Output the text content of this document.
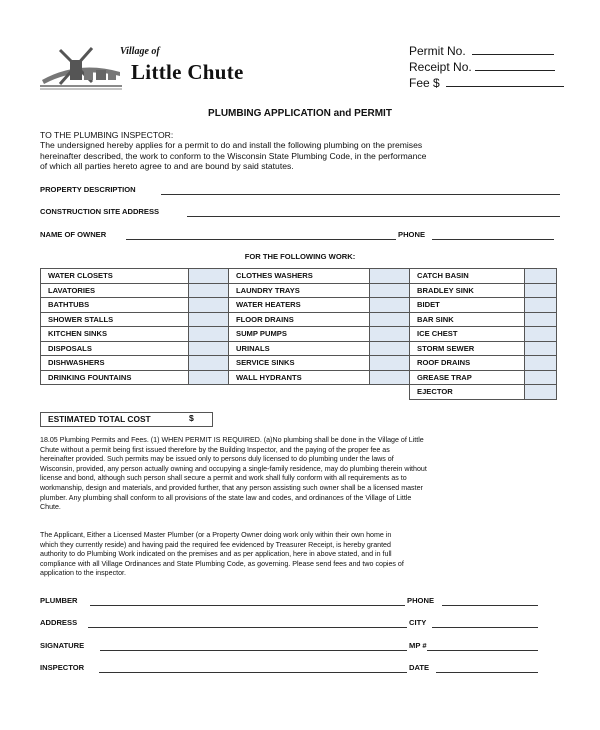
Village of
Little Chute
Permit No.
Receipt No.
Fee $
PLUMBING APPLICATION and PERMIT
TO THE PLUMBING INSPECTOR:
The undersigned hereby applies for a permit to do and install the following plumbing on the premises
hereinafter described, the work to conform to the Wisconsin State Plumbing Code, in the performance
of which all parties hereto agree to and are bound by said statutes.
PROPERTY DESCRIPTION
CONSTRUCTION SITE ADDRESS
NAME OF OWNER	PHONE
FOR THE FOLLOWING WORK:
WATER CLOSETS		CLOTHES WASHERS		CATCH BASIN	
LAVATORIES		LAUNDRY TRAYS		BRADLEY SINK	
BATHTUBS		WATER HEATERS		BIDET	
SHOWER STALLS		FLOOR DRAINS		BAR SINK	
KITCHEN SINKS		SUMP PUMPS		ICE CHEST	
DISPOSALS		URINALS		STORM SEWER	
DISHWASHERS		SERVICE SINKS		ROOF DRAINS	
DRINKING FOUNTAINS		WALL HYDRANTS		GREASE TRAP	
				EJECTOR	
ESTIMATED TOTAL COST	$
18.05 Plumbing Permits and Fees. (1) WHEN PERMIT IS REQUIRED. (a)No plumbing shall be done in the Village of Little
Chute without a permit being first issued therefore by the Building Inspector, and the paying of the proper fee as
hereinafter provided. Such permits may be issued only to persons duly licensed to do plumbing under the laws of
Wisconsin, provided, any person actually owning and occupying a single-family residence, may do plumbing therein without
license and bond, although such person shall secure a permit and work shall fully conform with all requirements as to
workmanship, design and materials, and provided further, that any person assisting such owner shall be a licensed master
plumber. Any plumbing shall conform to all provisions of the state law and codes, and ordinances of the Village of Little
Chute.
The Applicant, Either a Licensed Master Plumber (or a Property Owner doing work only within their own home in
which they currently reside) and having paid the required fee evidenced by Treasurer Receipt, is hereby granted
authority to do Plumbing Work indicated on the premises and as per application, here in above stated, and in full
compliance with all Village Ordinances and State Plumbing Code, as governing. Please send fees and two copies of
application to the inspector.
PLUMBER	PHONE
ADDRESS	CITY
SIGNATURE	MP #
INSPECTOR	DATE
